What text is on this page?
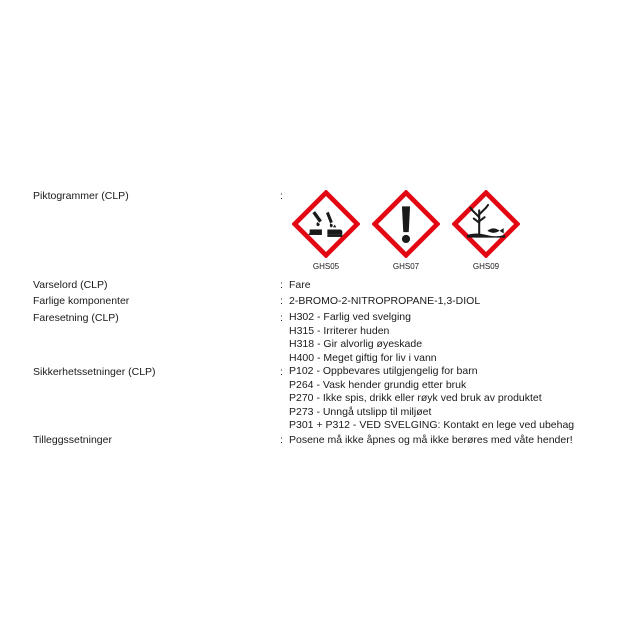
Piktogrammer (CLP)	:
GHS05	GHS07	GHS09
Varselord (CLP)	: Fare
Farlige komponenter	: 2-BROMO-2-NITROPROPANE-1,3-DIOL
Faresetning (CLP)	: H302 - Farlig ved svelging
H315 - Irriterer huden
H318 - Gir alvorlig øyeskade
H400 - Meget giftig for liv i vann
Sikkerhetssetninger (CLP)	: P102 - Oppbevares utilgjengelig for barn
P264 - Vask hender grundig etter bruk
P270 - Ikke spis, drikk eller røyk ved bruk av produktet
P273 - Unngå utslipp til miljøet
P301 + P312 - VED SVELGING: Kontakt en lege ved ubehag
Tilleggssetninger	: Posene må ikke åpnes og må ikke berøres med våte hender!
